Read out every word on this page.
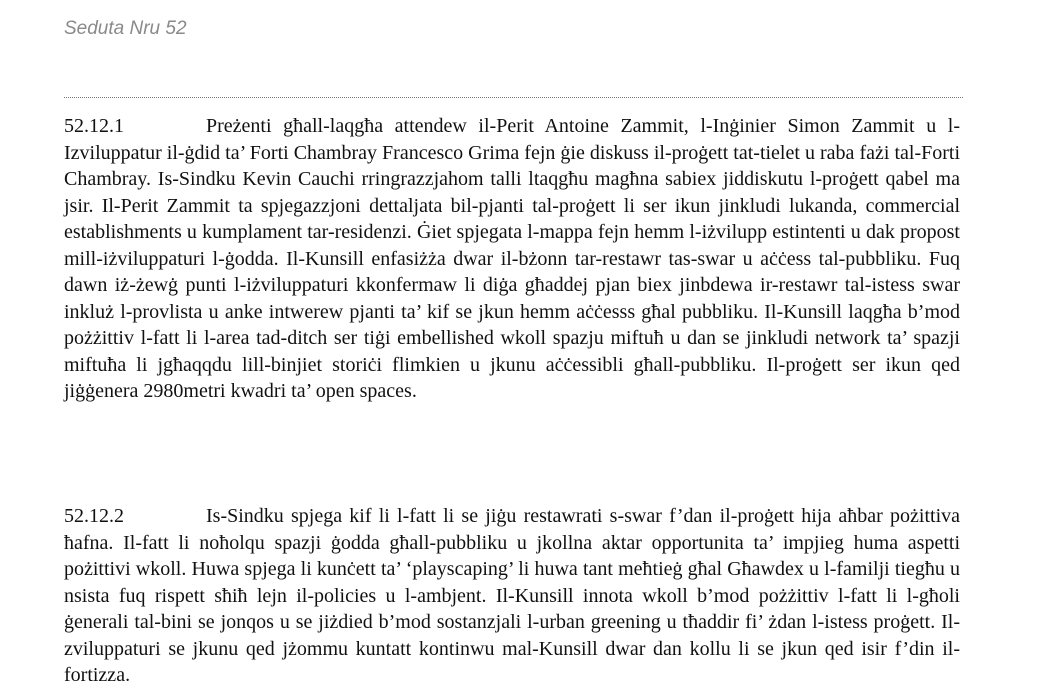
Seduta Nru 52

52.12.1	Preżenti għall-laqgħa attendew il-Perit Antoine Zammit, l-Inġinier Simon Zammit u l-Izviluppatur il-ġdid ta’ Forti Chambray Francesco Grima fejn ġie diskuss il-proġett tat-tielet u raba fażi tal-Forti Chambray. Is-Sindku Kevin Cauchi rringrazzjahom talli ltaqgħu magħna sabiex jiddiskutu l-proġett qabel ma jsir. Il-Perit Zammit ta spjegazzjoni dettaljata bil-pjanti tal-proġett li ser ikun jinkludi lukanda, commercial establishments u kumplament tar-residenzi. Ġiet spjegata l-mappa fejn hemm l-iżvilupp estintenti u dak propost mill-iżviluppaturi l-ġodda. Il-Kunsill enfasiżża dwar il-bżonn tar-restawr tas-swar u aċċess tal-pubbliku. Fuq dawn iż-żewġ punti l-iżviluppaturi kkonfermaw li diġa għaddej pjan biex jinbdewa ir-restawr tal-istess swar inkluż l-provlista u anke intwerew pjanti ta’ kif se jkun hemm aċċesss għal pubbliku. Il-Kunsill laqgħa b’mod pożżittiv l-fatt li l-area tad-ditch ser tiġi embellished wkoll spazju miftuħ u dan se jinkludi network ta’ spazji miftuħa li jgħaqqdu lill-binjiet storiċi flimkien u jkunu aċċessibli għall-pubbliku. Il-proġett ser ikun qed jiġġenera 2980metri kwadri ta’ open spaces.

52.12.2	Is-Sindku spjega kif li l-fatt li se jiġu restawrati s-swar f’dan il-proġett hija aħbar pożittiva ħafna. Il-fatt li noħolqu spazji ġodda għall-pubbliku u jkollna aktar opportunita ta’ impjieg huma aspetti pożittivi wkoll. Huwa spjega li kunċett ta’ ‘playscaping’ li huwa tant meħtieġ għal Għawdex u l-familji tiegħu u nsista fuq rispett sħiħ lejn il-policies u l-ambjent. Il-Kunsill innota wkoll b’mod pożżittiv l-fatt li l-għoli ġenerali tal-bini se jonqos u se jiżdied b’mod sostanzjali l-urban greening u tħaddir fi’ żdan l-istess proġett. Il-zviluppaturi se jkunu qed jżommu kuntatt kontinwu mal-Kunsill dwar dan kollu li se jkun qed isir f’din il-fortizza.
